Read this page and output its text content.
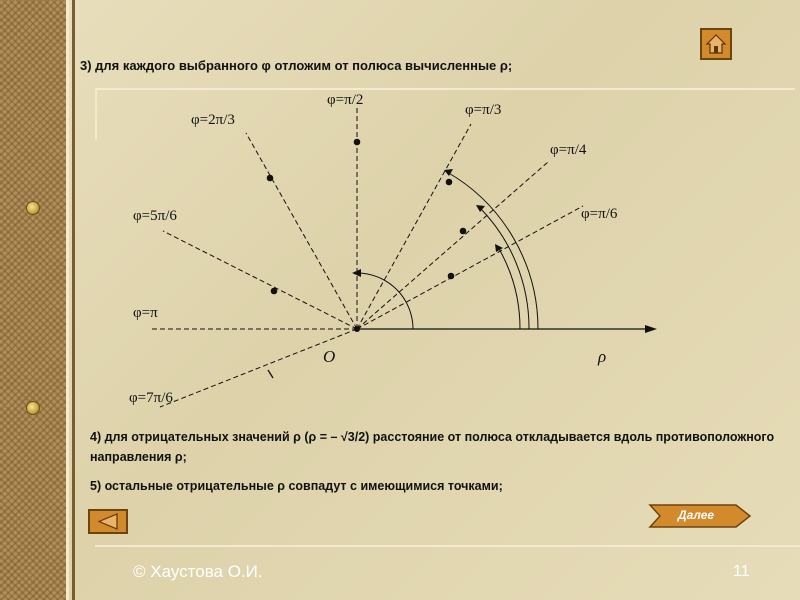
3) для каждого выбранного φ отложим от полюса вычисленные ρ;
φ=π/2
φ=2π/3
φ=π/3
φ=π/4
φ=5π/6	φ=π/6
φ=π
φ=7π/6
O	ρ
4) для отрицательных значений ρ (ρ = – √3/2) расстояние от полюса откладывается вдоль противоположного направления ρ;
5) остальные отрицательные ρ совпадут с имеющимися точками;
Далее
© Хаустова О.И.	11
